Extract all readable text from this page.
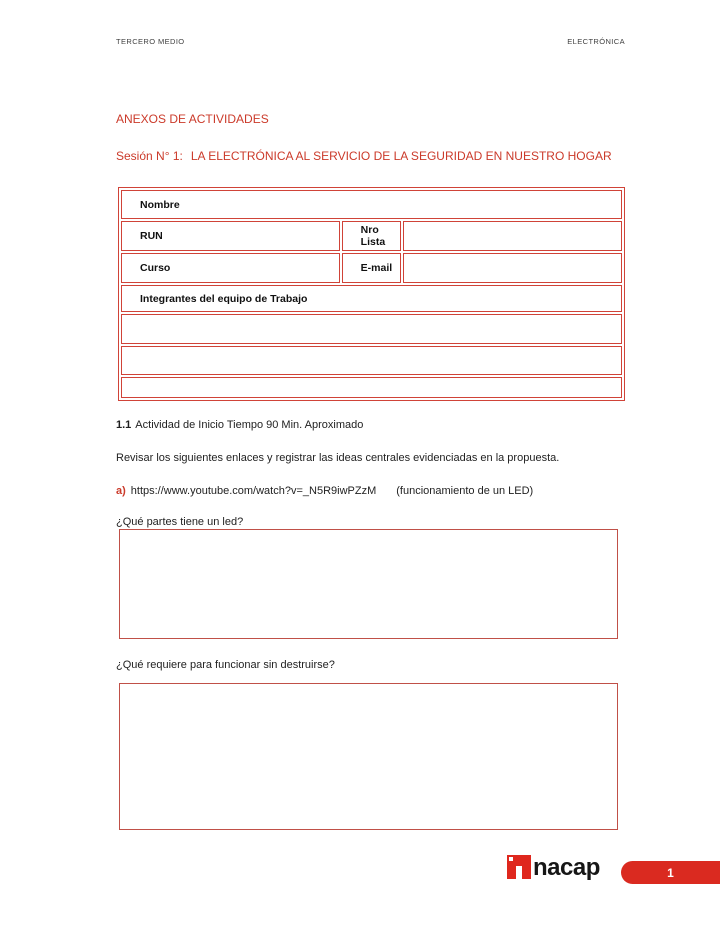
TERCERO MEDIO	ELECTRÓNICA
ANEXOS DE ACTIVIDADES
Sesión N° 1: LA ELECTRÓNICA AL SERVICIO DE LA SEGURIDAD EN NUESTRO HOGAR
Nombre		
RUN	Nro Lista	
Curso	E-mail	
Integrantes del equipo de Trabajo		

1.1 Actividad de Inicio Tiempo 90 Min. Aproximado
Revisar los siguientes enlaces y registrar las ideas centrales evidenciadas en la propuesta.
a) https://www.youtube.com/watch?v=_N5R9iwPZzM (funcionamiento de un LED)
¿Qué partes tiene un led?
¿Qué requiere para funcionar sin destruirse?
nacap	1
